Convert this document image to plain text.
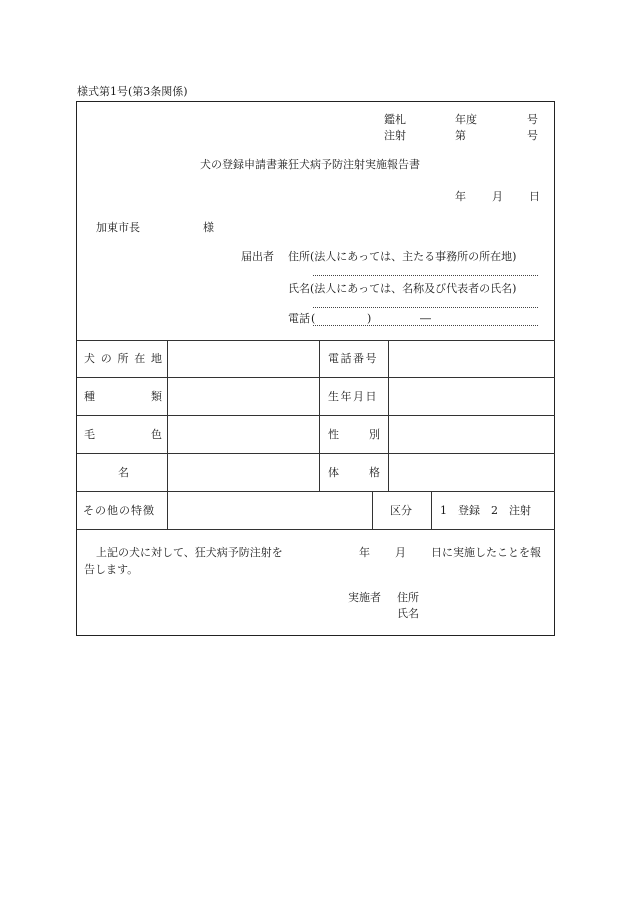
様式第1号(第3条関係)
鑑札	年度	号
注射	第	号
犬の登録申請書兼狂犬病予防注射実施報告書
年 月 日
加東市長	様
届出者 住所(法人にあっては、主たる事務所の所在地)
氏名(法人にあっては、名称及び代表者の氏名)
電話 (	)	―
犬 の 所 在 地	電話番号
種類	生年月日
毛色	性別
名	体格
その他の特徴	区分	1　登録　2　注射
上記の犬に対して、狂犬病予防注射を	年 月 日に実施したことを報
告します。
実施者 住所
氏名
